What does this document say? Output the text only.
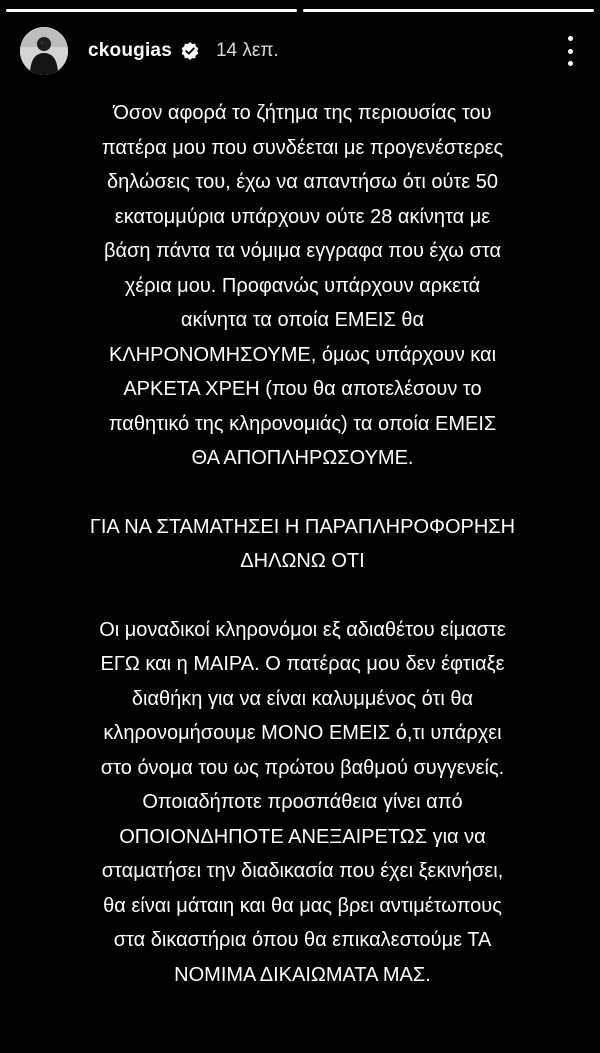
ckougias 14 λεπ.
Όσον αφορά το ζήτημα της περιουσίας του
πατέρα μου που συνδέεται με προγενέστερες
δηλώσεις του, έχω να απαντήσω ότι ούτε 50
εκατομμύρια υπάρχουν ούτε 28 ακίνητα με
βάση πάντα τα νόμιμα εγγραφα που έχω στα
χέρια μου. Προφανώς υπάρχουν αρκετά
ακίνητα τα οποία ΕΜΕΙΣ θα
ΚΛΗΡΟΝΟΜΗΣΟΥΜΕ, όμως υπάρχουν και
ΑΡΚΕΤΑ ΧΡΕΗ (που θα αποτελέσουν το
παθητικό της κληρονομιάς) τα οποία ΕΜΕΙΣ
ΘΑ ΑΠΟΠΛΗΡΩΣΟΥΜΕ.
ΓΙΑ ΝΑ ΣΤΑΜΑΤΗΣΕΙ Η ΠΑΡΑΠΛΗΡΟΦΟΡΗΣΗ
ΔΗΛΩΝΩ ΟΤΙ
Οι μοναδικοί κληρονόμοι εξ αδιαθέτου είμαστε
ΕΓΩ και η ΜΑΙΡΑ. Ο πατέρας μου δεν έφτιαξε
διαθήκη για να είναι καλυμμένος ότι θα
κληρονομήσουμε ΜΟΝΟ ΕΜΕΙΣ ό,τι υπάρχει
στο όνομα του ως πρώτου βαθμού συγγενείς.
Οποιαδήποτε προσπάθεια γίνει από
ΟΠΟΙΟΝΔΗΠΟΤΕ ΑΝΕΞΑΙΡΕΤΩΣ για να
σταματήσει την διαδικασία που έχει ξεκινήσει,
θα είναι μάταιη και θα μας βρει αντιμέτωπους
στα δικαστήρια όπου θα επικαλεστούμε ΤΑ
ΝΟΜΙΜΑ ΔΙΚΑΙΩΜΑΤΑ ΜΑΣ.
